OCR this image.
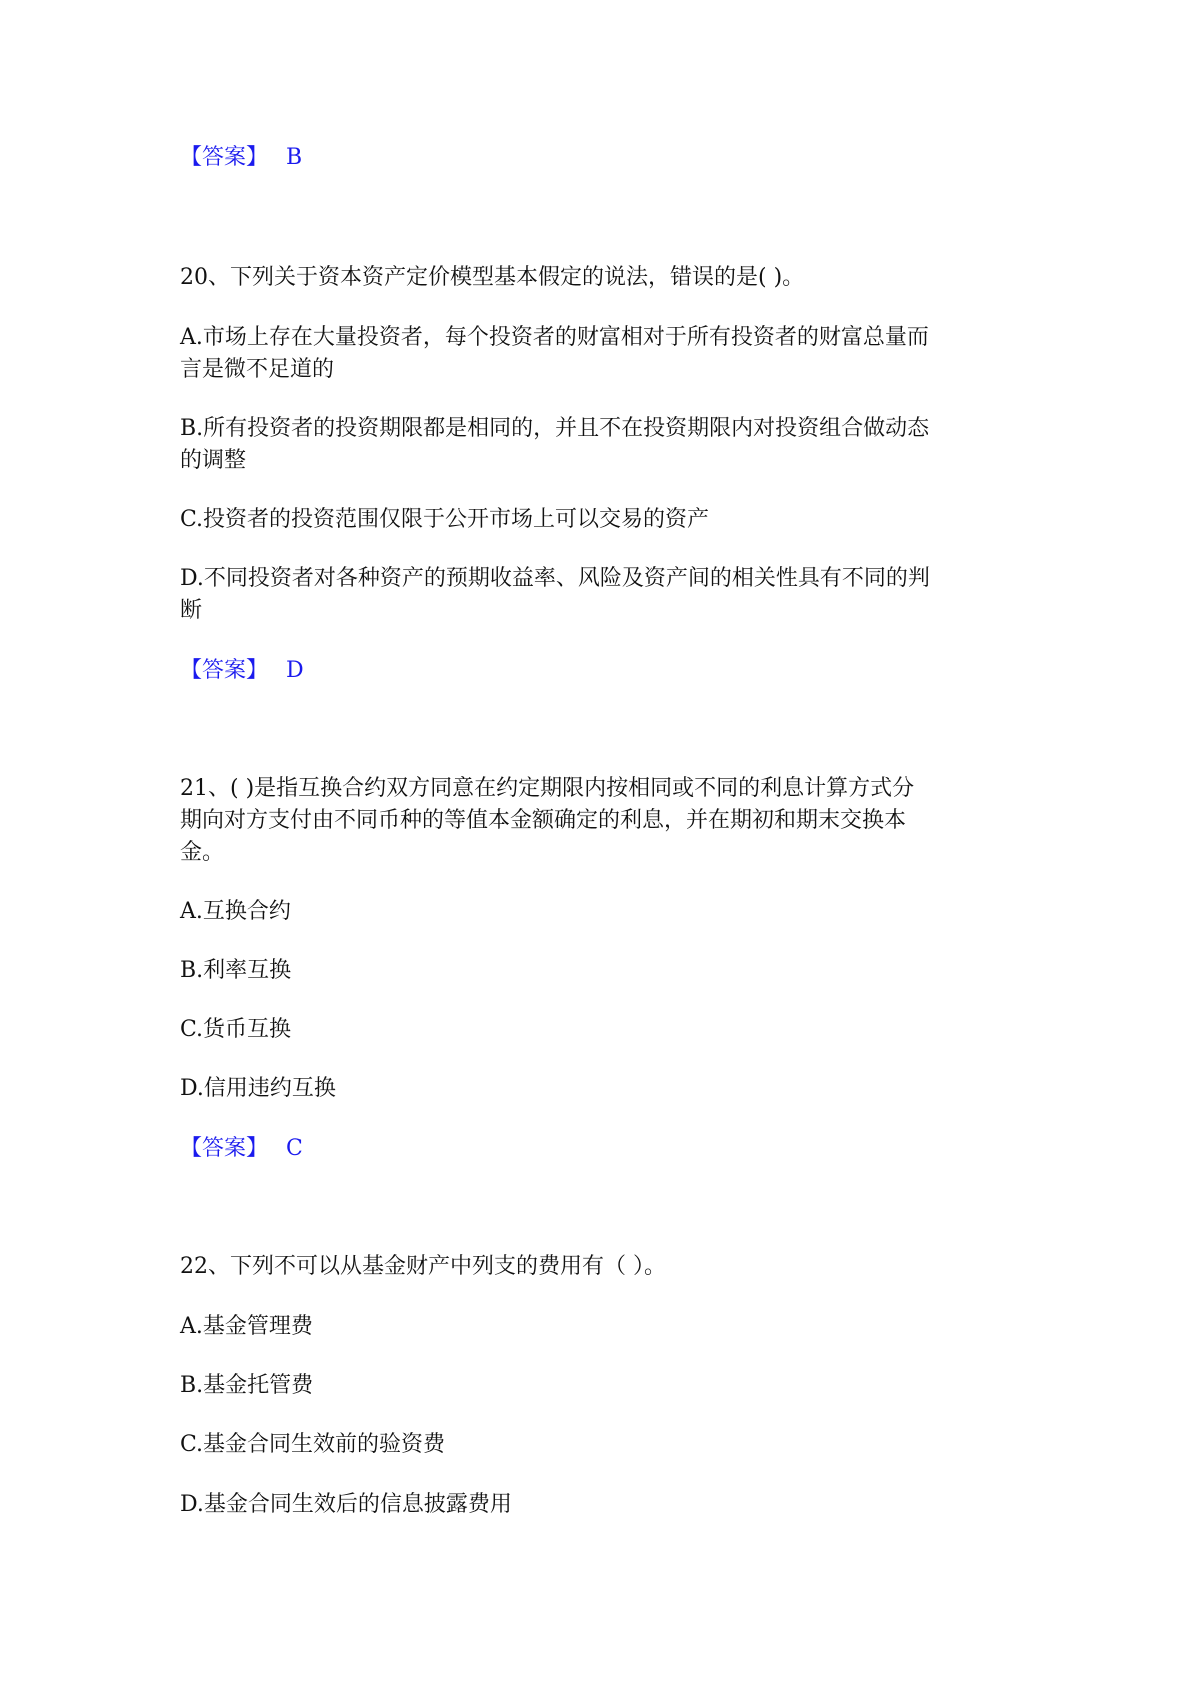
【答案】 B
20、下列关于资本资产定价模型基本假定的说法，错误的是( )。
A.市场上存在大量投资者，每个投资者的财富相对于所有投资者的财富总量而
言是微不足道的
B.所有投资者的投资期限都是相同的，并且不在投资期限内对投资组合做动态
的调整
C.投资者的投资范围仅限于公开市场上可以交易的资产
D.不同投资者对各种资产的预期收益率、风险及资产间的相关性具有不同的判
断
【答案】 D
21、( )是指互换合约双方同意在约定期限内按相同或不同的利息计算方式分
期向对方支付由不同币种的等值本金额确定的利息，并在期初和期末交换本
金。
A.互换合约
B.利率互换
C.货币互换
D.信用违约互换
【答案】 C
22、下列不可以从基金财产中列支的费用有（ ）。
A.基金管理费
B.基金托管费
C.基金合同生效前的验资费
D.基金合同生效后的信息披露费用
